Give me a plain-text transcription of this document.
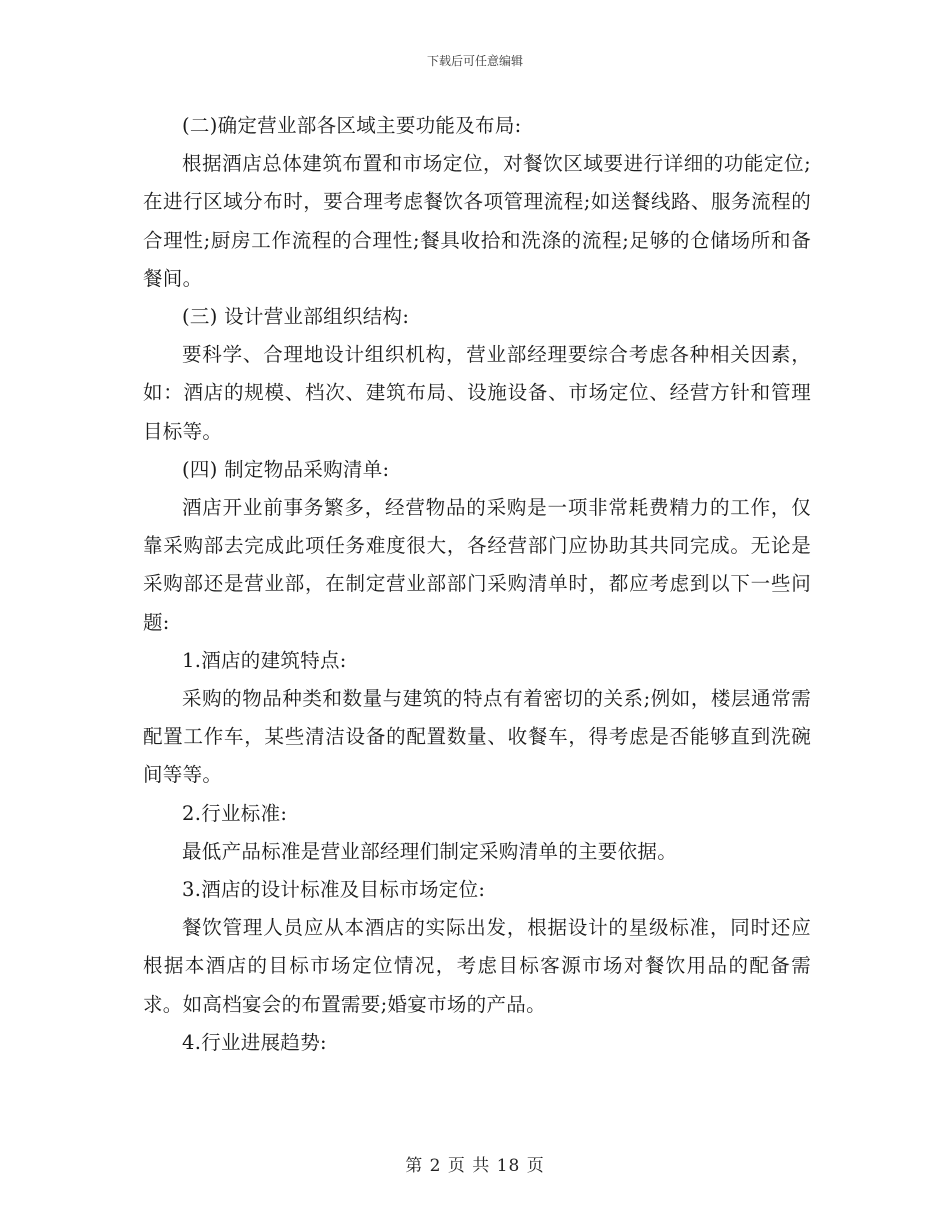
下载后可任意编辑

(二)确定营业部各区域主要功能及布局:

根据酒店总体建筑布置和市场定位，对餐饮区域要进行详细的功能定位;在进行区域分布时，要合理考虑餐饮各项管理流程;如送餐线路、服务流程的合理性;厨房工作流程的合理性;餐具收拾和洗涤的流程;足够的仓储场所和备餐间。

(三) 设计营业部组织结构:

要科学、合理地设计组织机构，营业部经理要综合考虑各种相关因素，如：酒店的规模、档次、建筑布局、设施设备、市场定位、经营方针和管理目标等。

(四) 制定物品采购清单:

酒店开业前事务繁多，经营物品的采购是一项非常耗费精力的工作，仅靠采购部去完成此项任务难度很大，各经营部门应协助其共同完成。无论是采购部还是营业部，在制定营业部部门采购清单时，都应考虑到以下一些问题:

1.酒店的建筑特点:

采购的物品种类和数量与建筑的特点有着密切的关系;例如，楼层通常需配置工作车，某些清洁设备的配置数量、收餐车，得考虑是否能够直到洗碗间等等。

2.行业标准:

最低产品标准是营业部经理们制定采购清单的主要依据。

3.酒店的设计标准及目标市场定位:

餐饮管理人员应从本酒店的实际出发，根据设计的星级标准，同时还应根据本酒店的目标市场定位情况，考虑目标客源市场对餐饮用品的配备需求。如高档宴会的布置需要;婚宴市场的产品。

4.行业进展趋势:

第 2 页 共 18 页
